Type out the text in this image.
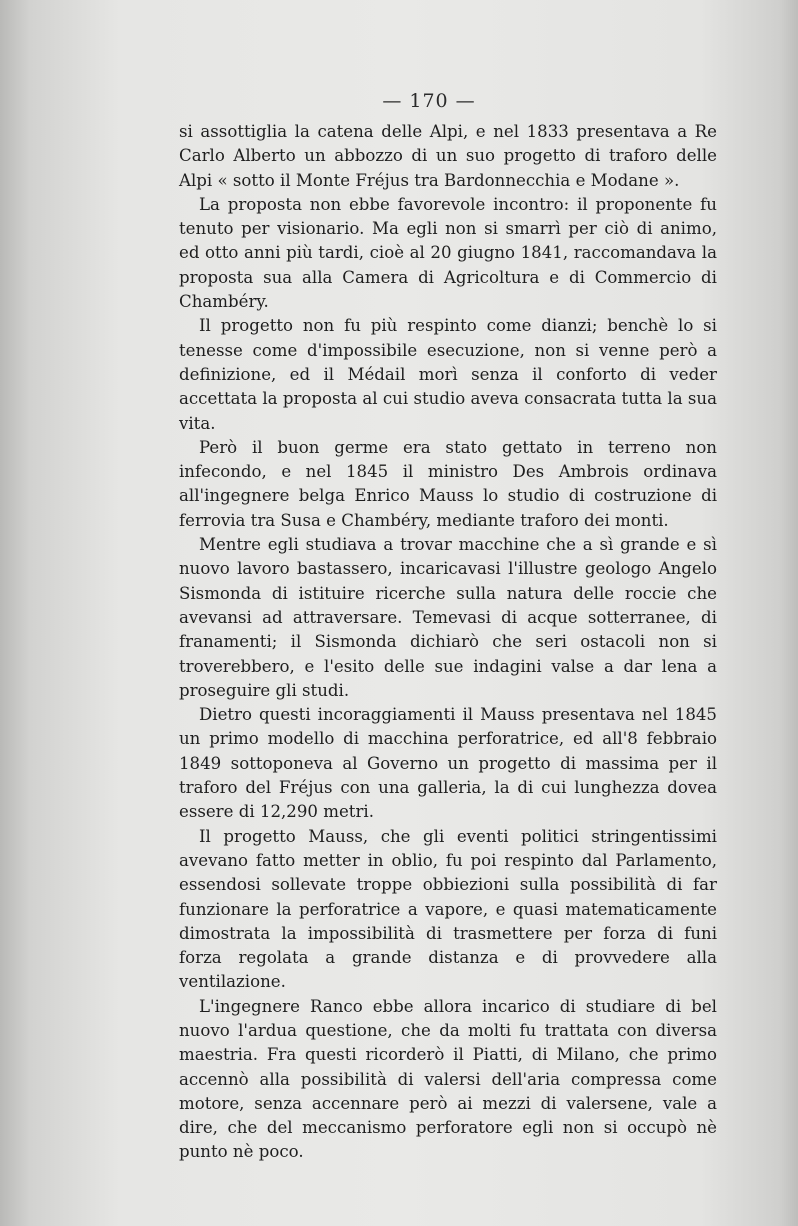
— 170 —

si assottiglia la catena delle Alpi, e nel 1833 presentava a Re Carlo Alberto un abbozzo di un suo progetto di traforo delle Alpi « sotto il Monte Fréjus tra Bardonnecchia e Modane ».

La proposta non ebbe favorevole incontro: il proponente fu tenuto per visionario. Ma egli non si smarrì per ciò di animo, ed otto anni più tardi, cioè al 20 giugno 1841, raccomandava la proposta sua alla Camera di Agricoltura e di Commercio di Chambéry.

Il progetto non fu più respinto come dianzi; benchè lo si tenesse come d'impossibile esecuzione, non si venne però a definizione, ed il Médail morì senza il conforto di veder accettata la proposta al cui studio aveva consacrata tutta la sua vita.

Però il buon germe era stato gettato in terreno non infecondo, e nel 1845 il ministro Des Ambrois ordinava all'ingegnere belga Enrico Mauss lo studio di costruzione di ferrovia tra Susa e Chambéry, mediante traforo dei monti.

Mentre egli studiava a trovar macchine che a sì grande e sì nuovo lavoro bastassero, incaricavasi l'illustre geologo Angelo Sismonda di istituire ricerche sulla natura delle roccie che avevansi ad attraversare. Temevasi di acque sotterranee, di franamenti; il Sismonda dichiarò che seri ostacoli non si troverebbero, e l'esito delle sue indagini valse a dar lena a proseguire gli studi.

Dietro questi incoraggiamenti il Mauss presentava nel 1845 un primo modello di macchina perforatrice, ed all'8 febbraio 1849 sottoponeva al Governo un progetto di massima per il traforo del Fréjus con una galleria, la di cui lunghezza dovea essere di 12,290 metri.

Il progetto Mauss, che gli eventi politici stringentissimi avevano fatto metter in oblio, fu poi respinto dal Parlamento, essendosi sollevate troppe obbiezioni sulla possibilità di far funzionare la perforatrice a vapore, e quasi matematicamente dimostrata la impossibilità di trasmettere per forza di funi forza regolata a grande distanza e di provvedere alla ventilazione.

L'ingegnere Ranco ebbe allora incarico di studiare di bel nuovo l'ardua questione, che da molti fu trattata con diversa maestria. Fra questi ricorderò il Piatti, di Milano, che primo accennò alla possibilità di valersi dell'aria compressa come motore, senza accennare però ai mezzi di valersene, vale a dire, che del meccanismo perforatore egli non si occupò nè punto nè poco.
